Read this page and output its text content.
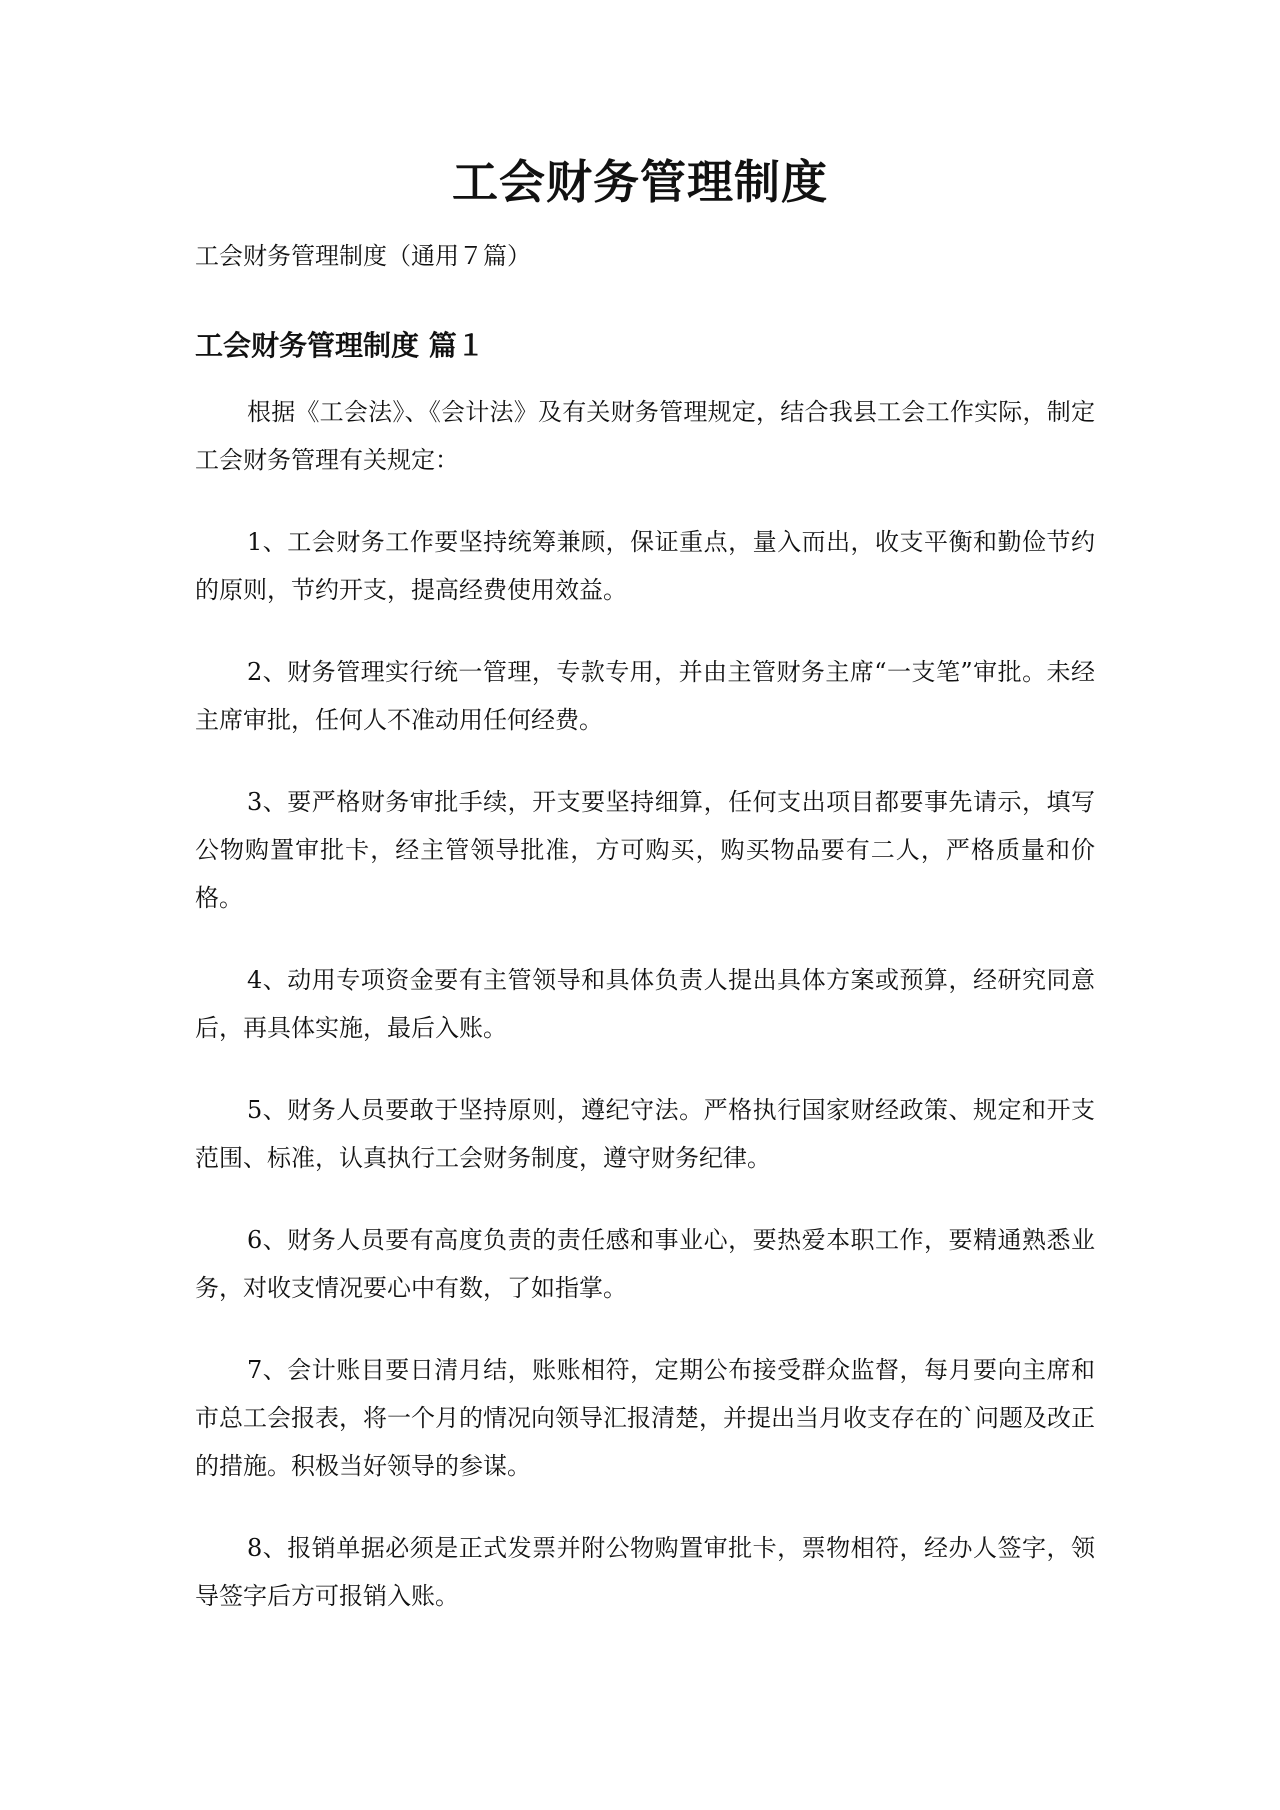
工会财务管理制度

工会财务管理制度（通用７篇）

工会财务管理制度 篇１

根据《工会法》、《会计法》及有关财务管理规定，结合我县工会工作实际，制定工会财务管理有关规定：

1、工会财务工作要坚持统筹兼顾，保证重点，量入而出，收支平衡和勤俭节约的原则，节约开支，提高经费使用效益。

2、财务管理实行统一管理，专款专用，并由主管财务主席“一支笔”审批。未经主席审批，任何人不准动用任何经费。

3、要严格财务审批手续，开支要坚持细算，任何支出项目都要事先请示，填写公物购置审批卡，经主管领导批准，方可购买，购买物品要有二人，严格质量和价格。

4、动用专项资金要有主管领导和具体负责人提出具体方案或预算，经研究同意后，再具体实施，最后入账。

5、财务人员要敢于坚持原则，遵纪守法。严格执行国家财经政策、规定和开支范围、标准，认真执行工会财务制度，遵守财务纪律。

6、财务人员要有高度负责的责任感和事业心，要热爱本职工作，要精通熟悉业务，对收支情况要心中有数，了如指掌。

7、会计账目要日清月结，账账相符，定期公布接受群众监督，每月要向主席和市总工会报表，将一个月的情况向领导汇报清楚，并提出当月收支存在的`问题及改正的措施。积极当好领导的参谋。

8、报销单据必须是正式发票并附公物购置审批卡，票物相符，经办人签字，领导签字后方可报销入账。
